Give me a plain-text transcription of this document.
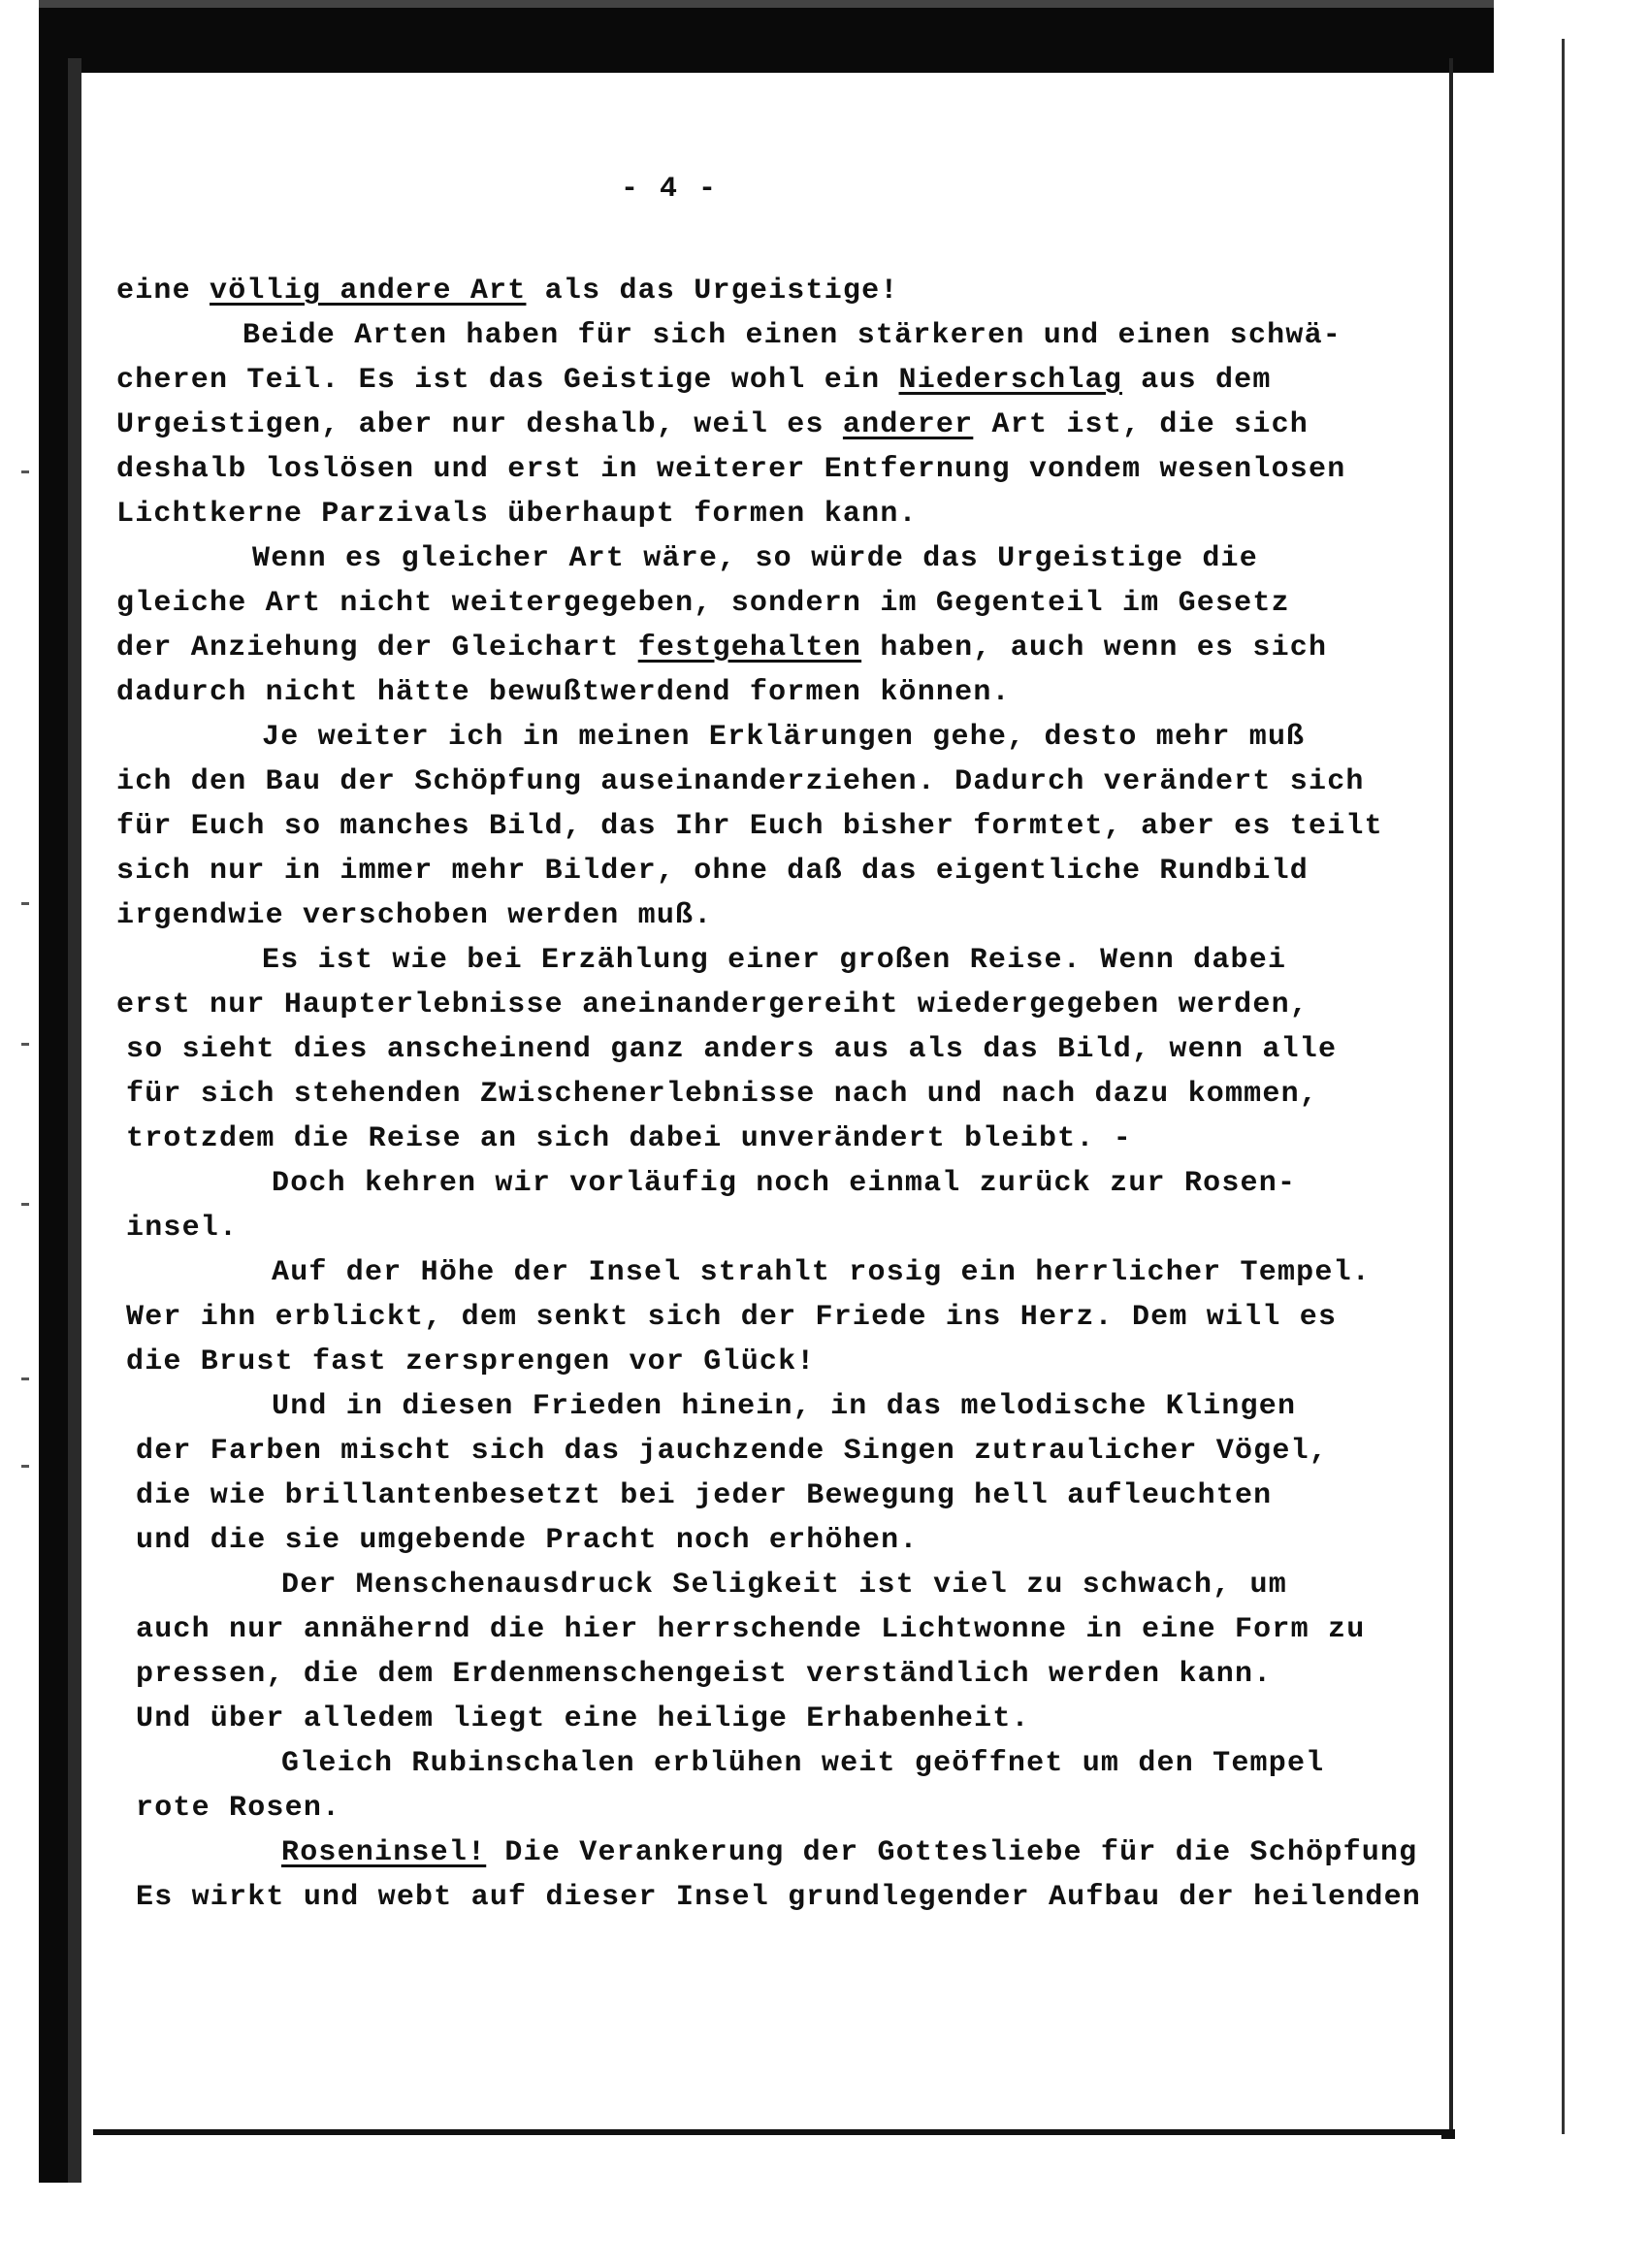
- 4 -
eine völlig andere Art als das Urgeistige!
Beide Arten haben für sich einen stärkeren und einen schwä-
cheren Teil. Es ist das Geistige wohl ein Niederschlag aus dem
Urgeistigen, aber nur deshalb, weil es anderer Art ist, die sich
deshalb loslösen und erst in weiterer Entfernung vondem wesenlosen
Lichtkerne Parzivals überhaupt formen kann.
Wenn es gleicher Art wäre, so würde das Urgeistige die
gleiche Art nicht weitergegeben, sondern im Gegenteil im Gesetz
der Anziehung der Gleichart festgehalten haben, auch wenn es sich
dadurch nicht hätte bewußtwerdend formen können.
Je weiter ich in meinen Erklärungen gehe, desto mehr muß
ich den Bau der Schöpfung auseinanderziehen. Dadurch verändert sich
für Euch so manches Bild, das Ihr Euch bisher formtet, aber es teilt
sich nur in immer mehr Bilder, ohne daß das eigentliche Rundbild
irgendwie verschoben werden muß.
Es ist wie bei Erzählung einer großen Reise. Wenn dabei
erst nur Haupterlebnisse aneinandergereiht wiedergegeben werden,
so sieht dies anscheinend ganz anders aus als das Bild, wenn alle
für sich stehenden Zwischenerlebnisse nach und nach dazu kommen,
trotzdem die Reise an sich dabei unverändert bleibt. -
Doch kehren wir vorläufig noch einmal zurück zur Rosen-
insel.
Auf der Höhe der Insel strahlt rosig ein herrlicher Tempel.
Wer ihn erblickt, dem senkt sich der Friede ins Herz. Dem will es
die Brust fast zersprengen vor Glück!
Und in diesen Frieden hinein, in das melodische Klingen
der Farben mischt sich das jauchzende Singen zutraulicher Vögel,
die wie brillantenbesetzt bei jeder Bewegung hell aufleuchten
und die sie umgebende Pracht noch erhöhen.
Der Menschenausdruck Seligkeit ist viel zu schwach, um
auch nur annähernd die hier herrschende Lichtwonne in eine Form zu
pressen, die dem Erdenmenschengeist verständlich werden kann.
Und über alledem liegt eine heilige Erhabenheit.
Gleich Rubinschalen erblühen weit geöffnet um den Tempel
rote Rosen.
Roseninsel! Die Verankerung der Gottesliebe für die Schöpfung
Es wirkt und webt auf dieser Insel grundlegender Aufbau der heilenden
